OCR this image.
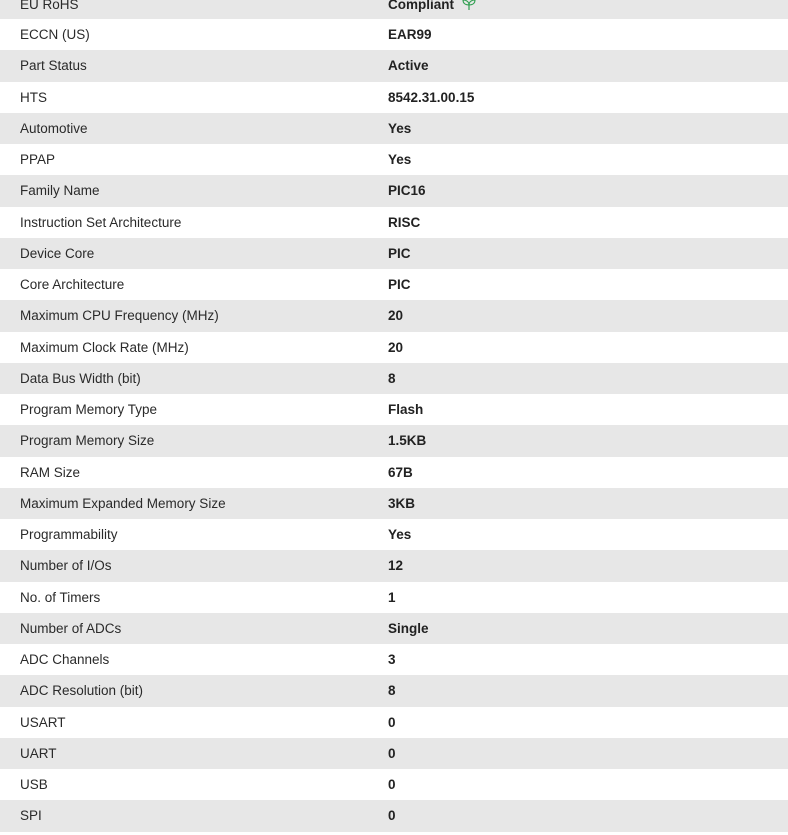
EU RoHS	Compliant
ECCN (US)	EAR99
Part Status	Active
HTS	8542.31.00.15
Automotive	Yes
PPAP	Yes
Family Name	PIC16
Instruction Set Architecture	RISC
Device Core	PIC
Core Architecture	PIC
Maximum CPU Frequency (MHz)	20
Maximum Clock Rate (MHz)	20
Data Bus Width (bit)	8
Program Memory Type	Flash
Program Memory Size	1.5KB
RAM Size	67B
Maximum Expanded Memory Size	3KB
Programmability	Yes
Number of I/Os	12
No. of Timers	1
Number of ADCs	Single
ADC Channels	3
ADC Resolution (bit)	8
USART	0
UART	0
USB	0
SPI	0
